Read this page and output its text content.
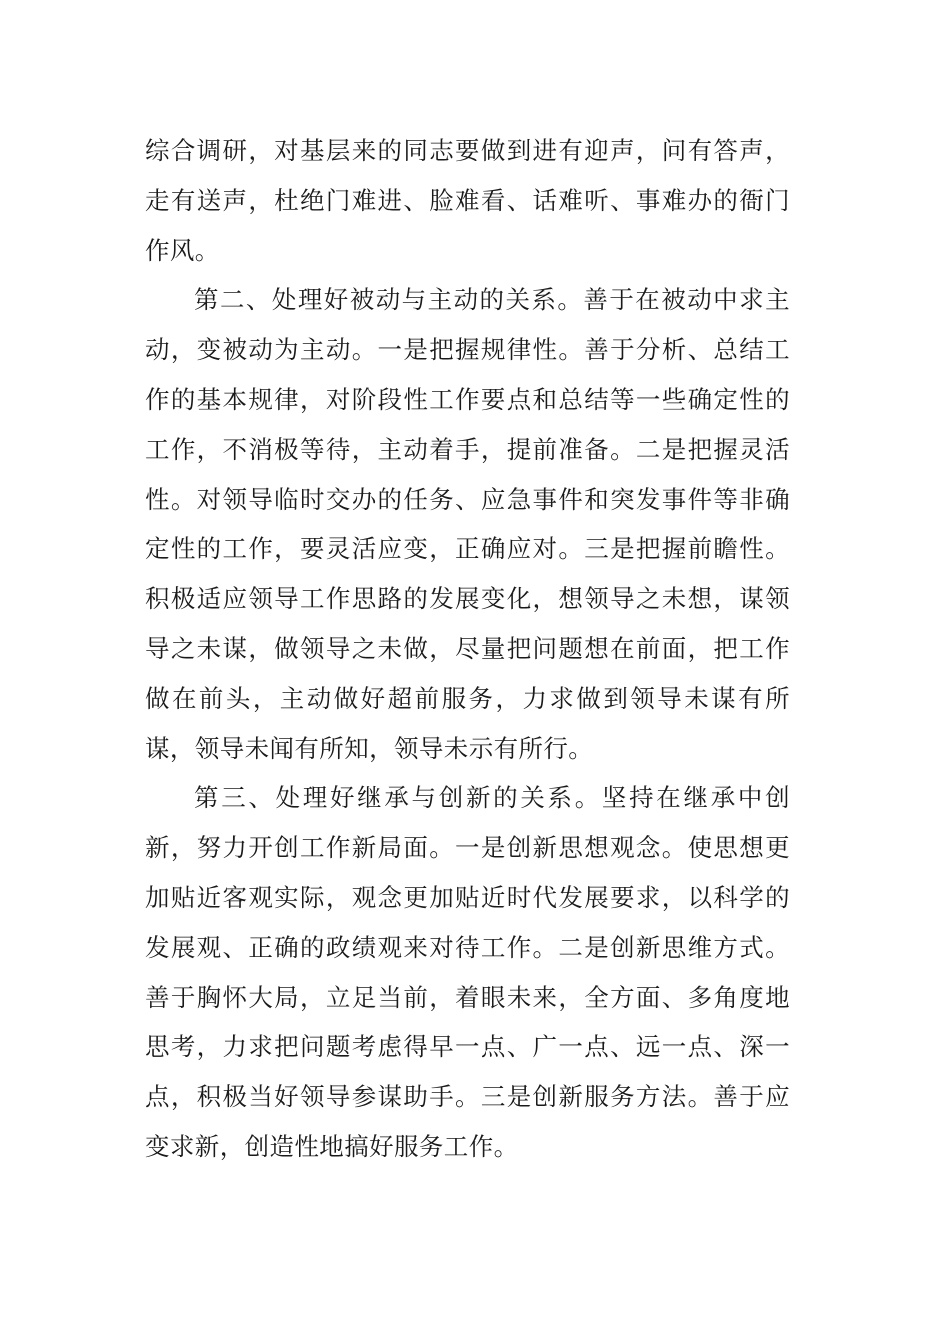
综合调研，对基层来的同志要做到进有迎声，问有答声，走有送声，杜绝门难进、脸难看、话难听、事难办的衙门作风。

第二、处理好被动与主动的关系。善于在被动中求主动，变被动为主动。一是把握规律性。善于分析、总结工作的基本规律，对阶段性工作要点和总结等一些确定性的工作，不消极等待，主动着手，提前准备。二是把握灵活性。对领导临时交办的任务、应急事件和突发事件等非确定性的工作，要灵活应变，正确应对。三是把握前瞻性。积极适应领导工作思路的发展变化，想领导之未想，谋领导之未谋，做领导之未做，尽量把问题想在前面，把工作做在前头，主动做好超前服务，力求做到领导未谋有所谋，领导未闻有所知，领导未示有所行。

第三、处理好继承与创新的关系。坚持在继承中创新，努力开创工作新局面。一是创新思想观念。使思想更加贴近客观实际，观念更加贴近时代发展要求，以科学的发展观、正确的政绩观来对待工作。二是创新思维方式。善于胸怀大局，立足当前，着眼未来，全方面、多角度地思考，力求把问题考虑得早一点、广一点、远一点、深一点，积极当好领导参谋助手。三是创新服务方法。善于应变求新，创造性地搞好服务工作。
